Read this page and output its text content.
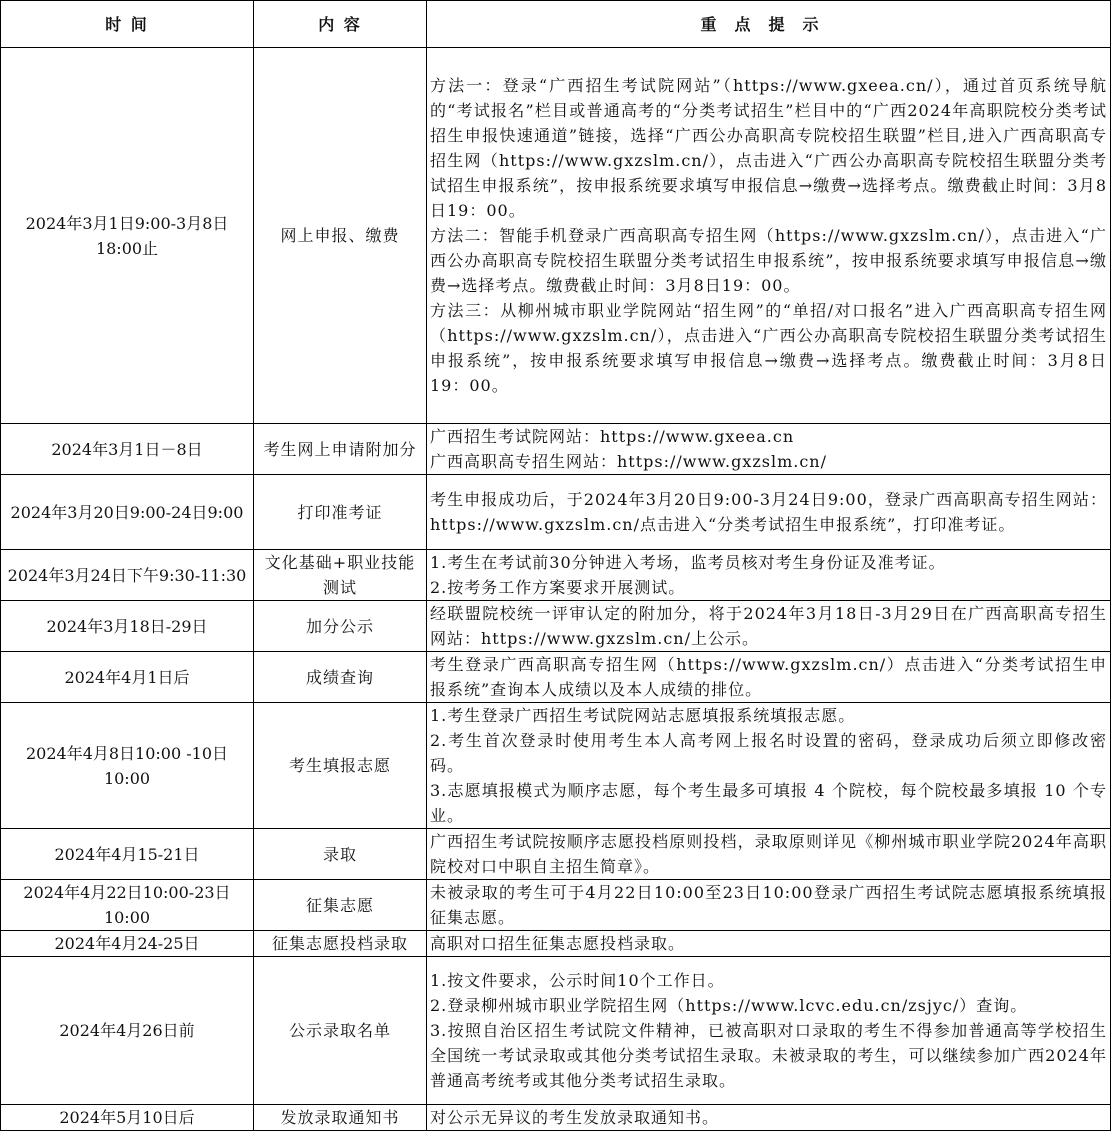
时 间	内 容	重点提示
2024年3月1日9:00-3月8日18:00止	网上申报、缴费	方法一：登录“广西招生考试院网站”（https://www.gxeea.cn/），通过首页系统导航的“考试报名”栏目或普通高考的“分类考试招生”栏目中的“广西2024年高职院校分类考试招生申报快速通道”链接，选择“广西公办高职高专院校招生联盟”栏目,进入广西高职高专招生网（https://www.gxzslm.cn/），点击进入“广西公办高职高专院校招生联盟分类考试招生申报系统”，按申报系统要求填写申报信息→缴费→选择考点。缴费截止时间：3月8日19：00。
方法二：智能手机登录广西高职高专招生网（https://www.gxzslm.cn/），点击进入“广西公办高职高专院校招生联盟分类考试招生申报系统”，按申报系统要求填写申报信息→缴费→选择考点。缴费截止时间：3月8日19：00。
方法三：从柳州城市职业学院网站“招生网”的“单招/对口报名”进入广西高职高专招生网（https://www.gxzslm.cn/），点击进入“广西公办高职高专院校招生联盟分类考试招生申报系统”，按申报系统要求填写申报信息→缴费→选择考点。缴费截止时间：3月8日19：00。

2024年3月1日－8日	考生网上申请附加分	广西招生考试院网站：https://www.gxeea.cn
广西高职高专招生网站：https://www.gxzslm.cn/

2024年3月20日9:00-24日9:00	打印准考证	考生申报成功后，于2024年3月20日9:00-3月24日9:00，登录广西高职高专招生网站：https://www.gxzslm.cn/点击进入“分类考试招生申报系统”，打印准考证。

2024年3月24日下午9:30-11:30	文化基础+职业技能测试	1.考生在考试前30分钟进入考场，监考员核对考生身份证及准考证。
2.按考务工作方案要求开展测试。

2024年3月18日-29日	加分公示	经联盟院校统一评审认定的附加分，将于2024年3月18日-3月29日在广西高职高专招生网站：https://www.gxzslm.cn/上公示。

2024年4月1日后	成绩查询	考生登录广西高职高专招生网（https://www.gxzslm.cn/）点击进入“分类考试招生申报系统”查询本人成绩以及本人成绩的排位。

2024年4月8日10:00 -10日10:00	考生填报志愿	1.考生登录广西招生考试院网站志愿填报系统填报志愿。
2.考生首次登录时使用考生本人高考网上报名时设置的密码，登录成功后须立即修改密码。
3.志愿填报模式为顺序志愿，每个考生最多可填报 4 个院校，每个院校最多填报 10 个专业。

2024年4月15-21日	录取	广西招生考试院按顺序志愿投档原则投档，录取原则详见《柳州城市职业学院2024年高职院校对口中职自主招生简章》。

2024年4月22日10:00-23日10:00	征集志愿	未被录取的考生可于4月22日10:00至23日10:00登录广西招生考试院志愿填报系统填报征集志愿。

2024年4月24-25日	征集志愿投档录取	高职对口招生征集志愿投档录取。

2024年4月26日前	公示录取名单	1.按文件要求，公示时间10个工作日。
2.登录柳州城市职业学院招生网（https://www.lcvc.edu.cn/zsjyc/）查询。
3.按照自治区招生考试院文件精神，已被高职对口录取的考生不得参加普通高等学校招生全国统一考试录取或其他分类考试招生录取。未被录取的考生，可以继续参加广西2024年普通高考统考或其他分类考试招生录取。

2024年5月10日后	发放录取通知书	对公示无异议的考生发放录取通知书。
